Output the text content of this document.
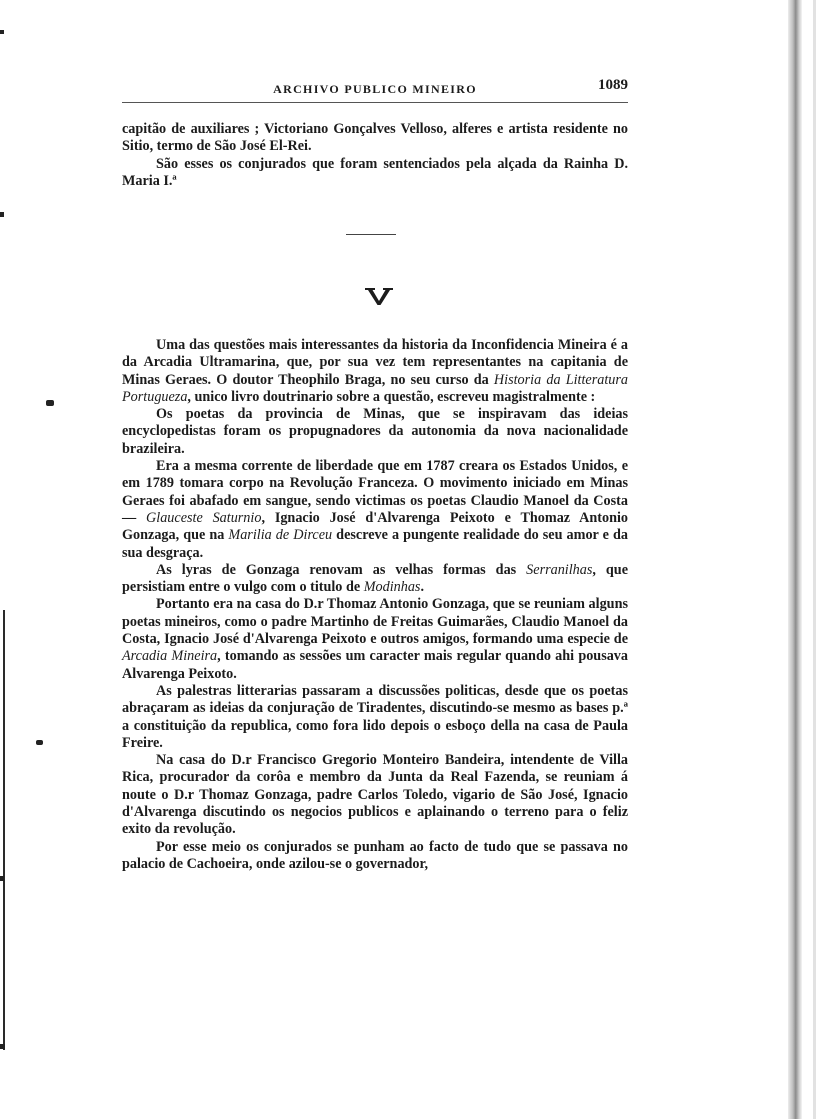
ARCHIVO PUBLICO MINEIRO	1089

capitão de auxiliares ; Victoriano Gonçalves Velloso, alferes e artista residente no Sitio, termo de São José El-Rei.

São esses os conjurados que foram sentenciados pela alçada da Rainha D. Maria I.ª

Uma das questões mais interessantes da historia da Inconfidencia Mineira é a da Arcadia Ultramarina, que, por sua vez tem representantes na capitania de Minas Geraes. O doutor Theophilo Braga, no seu curso da Historia da Litteratura Portugueza, unico livro doutrinario sobre a questão, escreveu magistralmente :

Os poetas da provincia de Minas, que se inspiravam das ideias encyclopedistas foram os propugnadores da autonomia da nova nacionalidade brazileira.

Era a mesma corrente de liberdade que em 1787 creara os Estados Unidos, e em 1789 tomara corpo na Revolução Franceza. O movimento iniciado em Minas Geraes foi abafado em sangue, sendo victimas os poetas Claudio Manoel da Costa — Glauceste Saturnio, Ignacio José d'Alvarenga Peixoto e Thomaz Antonio Gonzaga, que na Marilia de Dirceu descreve a pungente realidade do seu amor e da sua desgraça.

As lyras de Gonzaga renovam as velhas formas das Serranilhas, que persistiam entre o vulgo com o titulo de Modinhas.

Portanto era na casa do D.r Thomaz Antonio Gonzaga, que se reuniam alguns poetas mineiros, como o padre Martinho de Freitas Guimarães, Claudio Manoel da Costa, Ignacio José d'Alvarenga Peixoto e outros amigos, formando uma especie de Arcadia Mineira, tomando as sessões um caracter mais regular quando ahi pousava Alvarenga Peixoto.

As palestras litterarias passaram a discussões politicas, desde que os poetas abraçaram as ideias da conjuração de Tiradentes, discutindo-se mesmo as bases p.ª a constituição da republica, como fora lido depois o esboço della na casa de Paula Freire.

Na casa do D.r Francisco Gregorio Monteiro Bandeira, intendente de Villa Rica, procurador da corôa e membro da Junta da Real Fazenda, se reuniam á noute o D.r Thomaz Gonzaga, padre Carlos Toledo, vigario de São José, Ignacio d'Alvarenga discutindo os negocios publicos e aplainando o terreno para o feliz exito da revolução.

Por esse meio os conjurados se punham ao facto de tudo que se passava no palacio de Cachoeira, onde azilou-se o governador,
